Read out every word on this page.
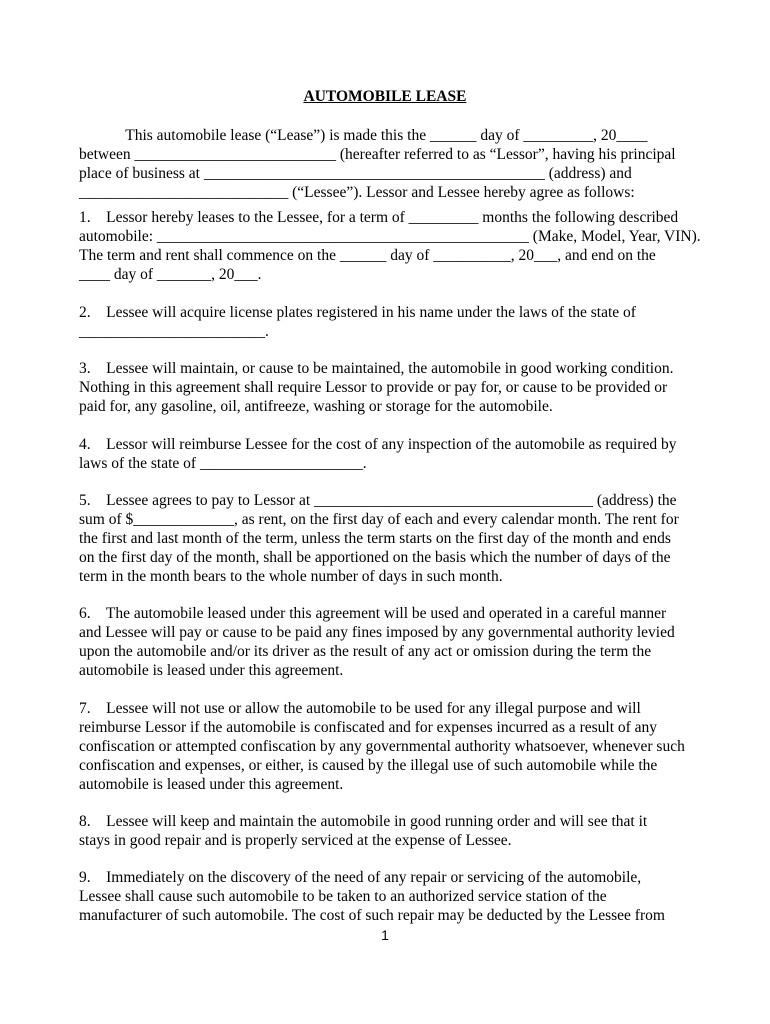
AUTOMOBILE LEASE
This automobile lease (“Lease”) is made this the ______ day of _________, 20____
between __________________________ (hereafter referred to as “Lessor”, having his principal
place of business at ____________________________________________ (address) and
___________________________ (“Lessee”). Lessor and Lessee hereby agree as follows:
1.    Lessor hereby leases to the Lessee, for a term of _________ months the following described
automobile: ________________________________________________ (Make, Model, Year, VIN).
The term and rent shall commence on the ______ day of __________, 20___, and end on the
____ day of _______, 20___.
2.    Lessee will acquire license plates registered in his name under the laws of the state of
________________________.
3.    Lessee will maintain, or cause to be maintained, the automobile in good working condition.
Nothing in this agreement shall require Lessor to provide or pay for, or cause to be provided or
paid for, any gasoline, oil, antifreeze, washing or storage for the automobile.
4.    Lessor will reimburse Lessee for the cost of any inspection of the automobile as required by
laws of the state of _____________________.
5.    Lessee agrees to pay to Lessor at ____________________________________ (address) the
sum of $_____________, as rent, on the first day of each and every calendar month. The rent for
the first and last month of the term, unless the term starts on the first day of the month and ends
on the first day of the month, shall be apportioned on the basis which the number of days of the
term in the month bears to the whole number of days in such month.
6.    The automobile leased under this agreement will be used and operated in a careful manner
and Lessee will pay or cause to be paid any fines imposed by any governmental authority levied
upon the automobile and/or its driver as the result of any act or omission during the term the
automobile is leased under this agreement.
7.    Lessee will not use or allow the automobile to be used for any illegal purpose and will
reimburse Lessor if the automobile is confiscated and for expenses incurred as a result of any
confiscation or attempted confiscation by any governmental authority whatsoever, whenever such
confiscation and expenses, or either, is caused by the illegal use of such automobile while the
automobile is leased under this agreement.
8.    Lessee will keep and maintain the automobile in good running order and will see that it
stays in good repair and is properly serviced at the expense of Lessee.
9.    Immediately on the discovery of the need of any repair or servicing of the automobile,
Lessee shall cause such automobile to be taken to an authorized service station of the
manufacturer of such automobile. The cost of such repair may be deducted by the Lessee from
1
